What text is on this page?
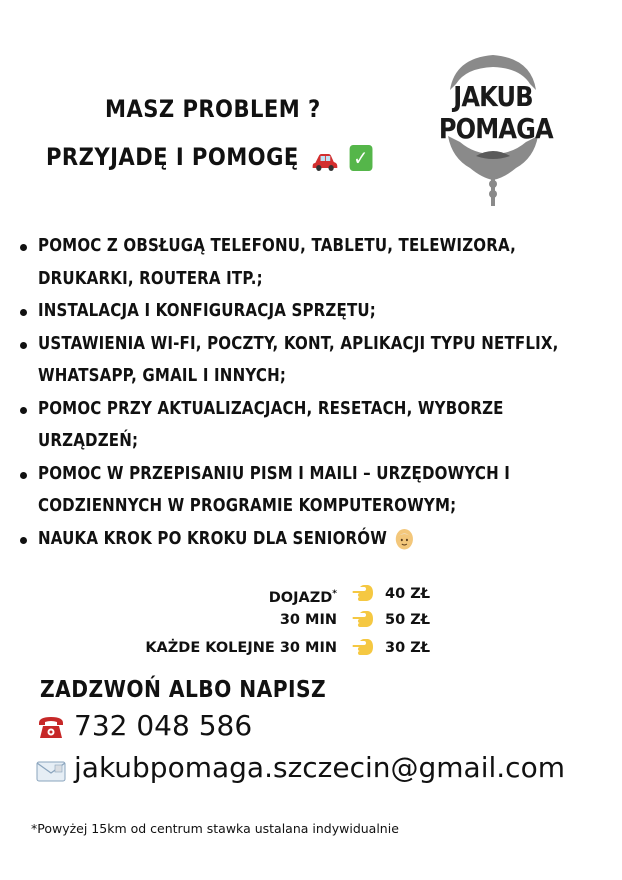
MASZ PROBLEM ?
PRZYJADĘ I POMOGĘ	✓
JAKUB
POMAGA
POMOC Z OBSŁUGĄ TELEFONU, TABLETU, TELEWIZORA, DRUKARKI, ROUTERA ITP.;
INSTALACJA I KONFIGURACJA SPRZĘTU;
USTAWIENIA WI-FI, POCZTY, KONT, APLIKACJI TYPU NETFLIX, WHATSAPP, GMAIL I INNYCH;
POMOC PRZY AKTUALIZACJACH, RESETACH, WYBORZE URZĄDZEŃ;
POMOC W PRZEPISANIU PISM I MAILI – URZĘDOWYCH I CODZIENNYCH W PROGRAMIE KOMPUTEROWYM;
NAUKA KROK PO KROKU DLA SENIORÓW
DOJAZD*	40 ZŁ
30 MIN	50 ZŁ
KAŻDE KOLEJNE 30 MIN	30 ZŁ
ZADZWOŃ ALBO NAPISZ
732 048 586
jakubpomaga.szczecin@gmail.com
*Powyżej 15km od centrum stawka ustalana indywidualnie
